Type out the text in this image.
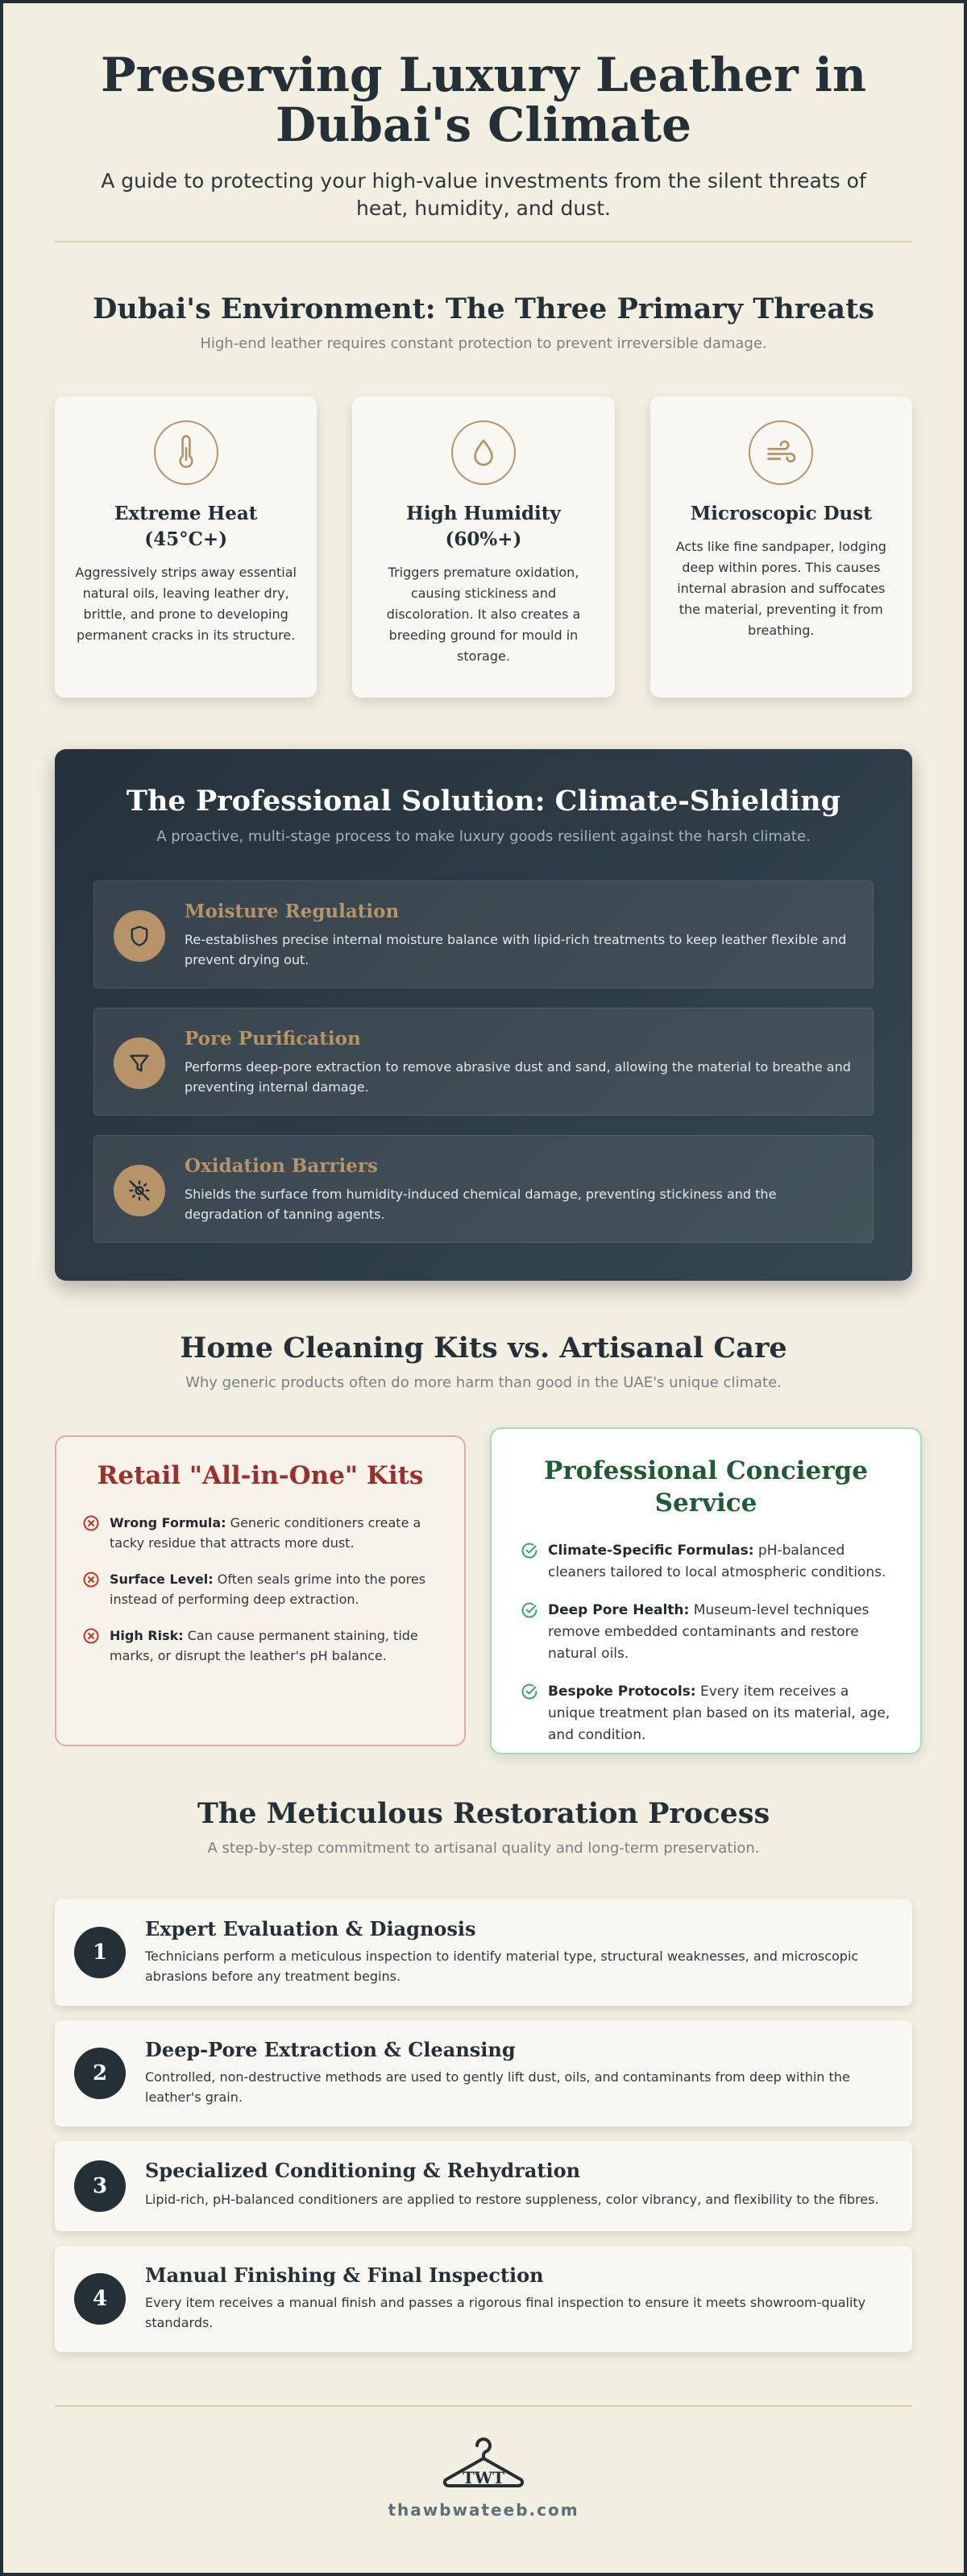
Preserving Luxury Leather in Dubai's Climate

A guide to protecting your high-value investments from the silent threats of heat, humidity, and dust.

Dubai's Environment: The Three Primary Threats

High-end leather requires constant protection to prevent irreversible damage.

Extreme Heat (45°C+)

Aggressively strips away essential natural oils, leaving leather dry, brittle, and prone to developing permanent cracks in its structure.

High Humidity (60%+)

Triggers premature oxidation, causing stickiness and discoloration. It also creates a breeding ground for mould in storage.

Microscopic Dust

Acts like fine sandpaper, lodging deep within pores. This causes internal abrasion and suffocates the material, preventing it from breathing.

The Professional Solution: Climate-Shielding

A proactive, multi-stage process to make luxury goods resilient against the harsh climate.

Moisture Regulation

Re-establishes precise internal moisture balance with lipid-rich treatments to keep leather flexible and prevent drying out.

Pore Purification

Performs deep-pore extraction to remove abrasive dust and sand, allowing the material to breathe and preventing internal damage.

Oxidation Barriers

Shields the surface from humidity-induced chemical damage, preventing stickiness and the degradation of tanning agents.

Home Cleaning Kits vs. Artisanal Care

Why generic products often do more harm than good in the UAE's unique climate.

Retail "All-in-One" Kits
Wrong Formula: Generic conditioners create a tacky residue that attracts more dust.
Surface Level: Often seals grime into the pores instead of performing deep extraction.
High Risk: Can cause permanent staining, tide marks, or disrupt the leather's pH balance.
Professional Concierge Service
Climate-Specific Formulas: pH-balanced cleaners tailored to local atmospheric conditions.
Deep Pore Health: Museum-level techniques remove embedded contaminants and restore natural oils.
Bespoke Protocols: Every item receives a unique treatment plan based on its material, age, and condition.
The Meticulous Restoration Process

A step-by-step commitment to artisanal quality and long-term preservation.

1
Expert Evaluation & Diagnosis

Technicians perform a meticulous inspection to identify material type, structural weaknesses, and microscopic abrasions before any treatment begins.

2
Deep-Pore Extraction & Cleansing

Controlled, non-destructive methods are used to gently lift dust, oils, and contaminants from deep within the leather's grain.

3
Specialized Conditioning & Rehydration

Lipid-rich, pH-balanced conditioners are applied to restore suppleness, color vibrancy, and flexibility to the fibres.

4
Manual Finishing & Final Inspection

Every item receives a manual finish and passes a rigorous final inspection to ensure it meets showroom-quality standards.

TWT
thawbwateeb.com
